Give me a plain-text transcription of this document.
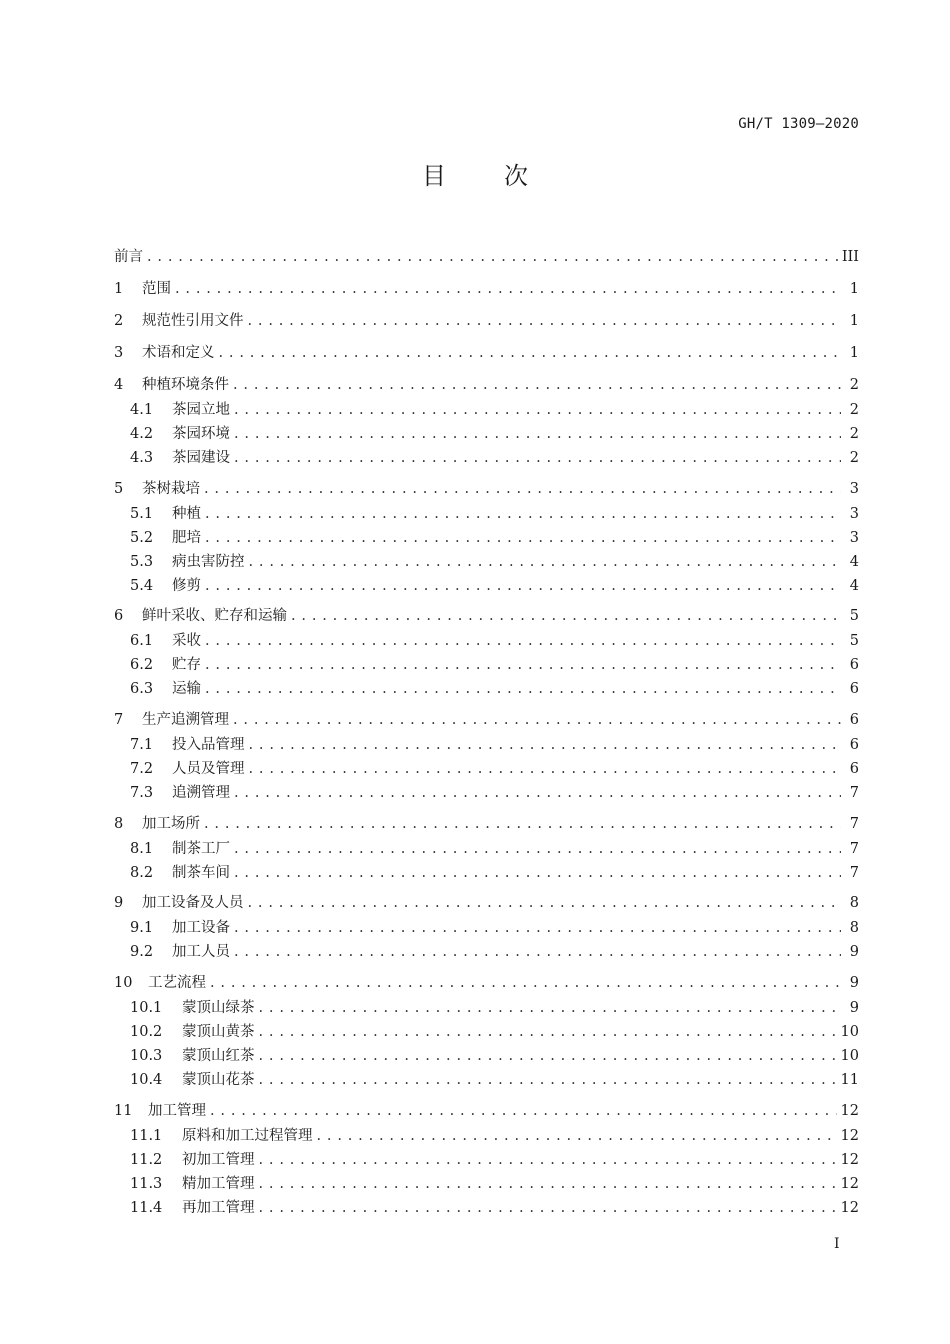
GH/T 1309—2020
目 次
前言 . . .	III
1	范围 . . .	1
2	规范性引用文件 . . .	1
3	术语和定义 . . .	1
4	种植环境条件 . . .	2
4.1	茶园立地 . . .	2
4.2	茶园环境 . . .	2
4.3	茶园建设 . . .	2
5	茶树栽培 . . .	3
5.1	种植 . . .	3
5.2	肥培 . . .	3
5.3	病虫害防控 . . .	4
5.4	修剪 . . .	4
6	鲜叶采收、贮存和运输 . . .	5
6.1	采收 . . .	5
6.2	贮存 . . .	6
6.3	运输 . . .	6
7	生产追溯管理 . . .	6
7.1	投入品管理 . . .	6
7.2	人员及管理 . . .	6
7.3	追溯管理 . . .	7
8	加工场所 . . .	7
8.1	制茶工厂 . . .	7
8.2	制茶车间 . . .	7
9	加工设备及人员 . . .	8
9.1	加工设备 . . .	8
9.2	加工人员 . . .	9
10	工艺流程 . . .	9
10.1	蒙顶山绿茶 . . .	9
10.2	蒙顶山黄茶 . . .	10
10.3	蒙顶山红茶 . . .	10
10.4	蒙顶山花茶 . . .	11
11	加工管理 . . .	12
11.1	原料和加工过程管理 . . .	12
11.2	初加工管理 . . .	12
11.3	精加工管理 . . .	12
11.4	再加工管理 . . .	12
I
